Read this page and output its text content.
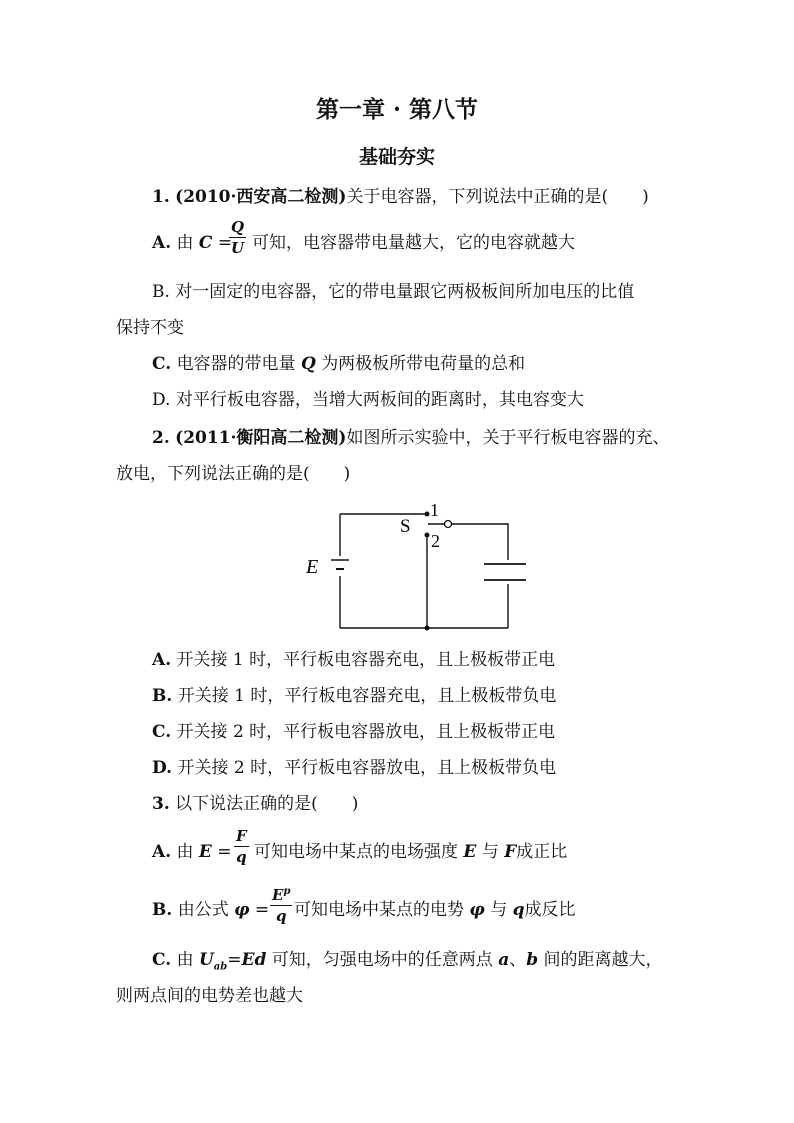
第一章 · 第八节
基础夯实
1. (2010·西安高二检测)关于电容器，下列说法中正确的是(　　)
A. 由 C =
$\frac{Q}{U}$ 可知，电容器带电量越大，它的电容就越大
B. 对一固定的电容器，它的带电量跟它两极板间所加电压的比值
保持不变
C. 电容器的带电量 Q 为两极板所带电荷量的总和
D. 对平行板电容器，当增大两板间的距离时，其电容变大
2. (2011·衡阳高二检测)如图所示实验中，关于平行板电容器的充、
放电，下列说法正确的是(　　)
S
1
2
E
A. 开关接 1 时，平行板电容器充电，且上极板带正电
B. 开关接 1 时，平行板电容器充电，且上极板带负电
C. 开关接 2 时，平行板电容器放电，且上极板带正电
D. 开关接 2 时，平行板电容器放电，且上极板带负电
3. 以下说法正确的是(　　)
A. 由 $E = \frac{F}{q}$ 可知电场中某点的电场强度 E 与 F成正比
B. 由公式 $\varphi = \frac{E^p}{q}$ 可知电场中某点的电势 φ 与 q成反比
C. 由 $U_{ab}=Ed$ 可知，匀强电场中的任意两点 a、b 间的距离越大，
则两点间的电势差也越大
